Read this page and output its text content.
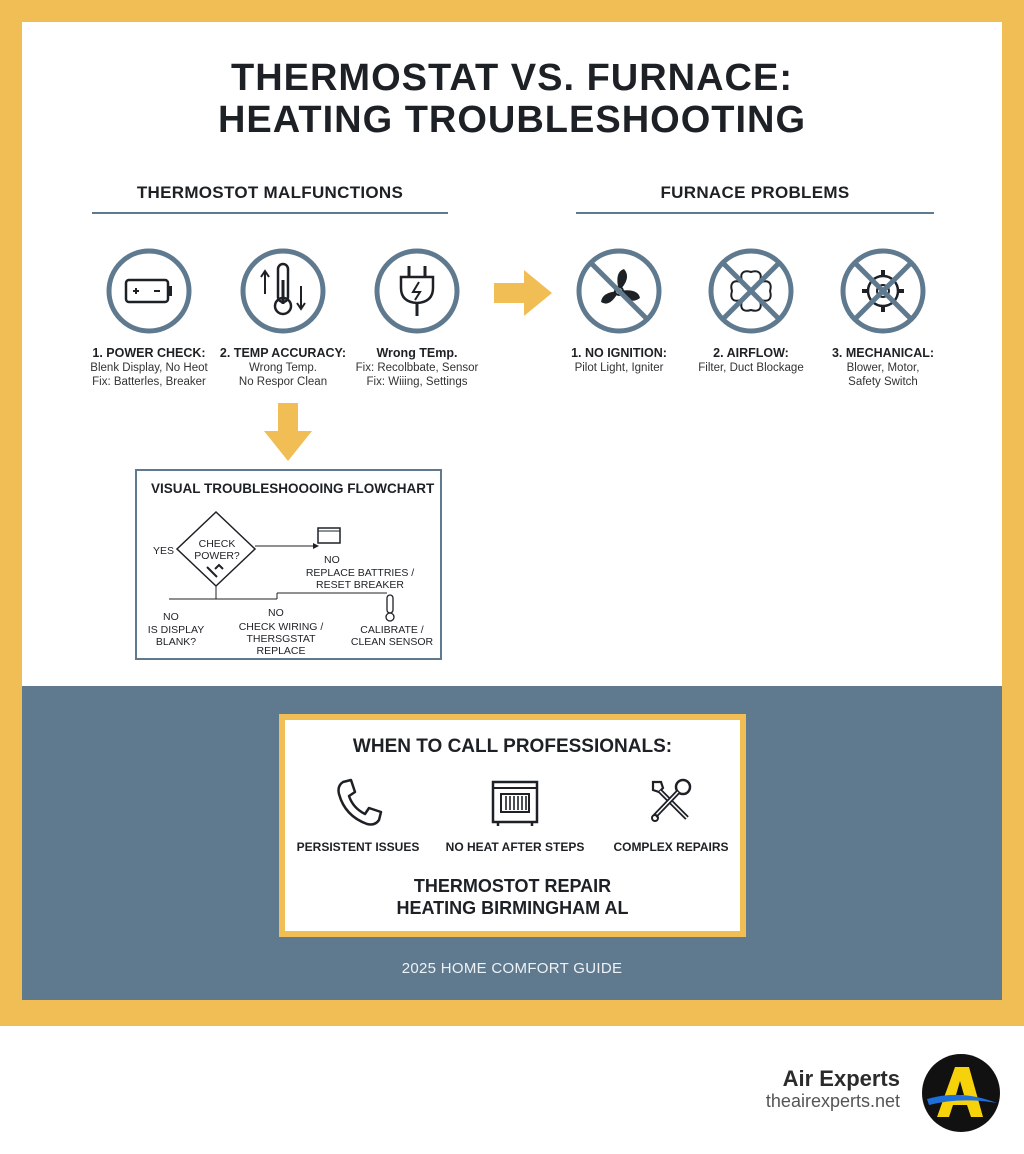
THERMOSTAT VS. FURNACE:
HEATING TROUBLESHOOTING
THERMOSTOT MALFUNCTIONS	FURNACE PROBLEMS
1. POWER CHECK:
Blenk Display, No Heot
Fix: Batterles, Breaker
2. TEMP ACCURACY:
Wrong Temp.
No Respor Clean
Wrong TEmp.
Fix: Recolbbate, Sensor
Fix: Wiiing, Settings
1. NO IGNITION:
Pilot Light, Igniter
2. AIRFLOW:
Filter, Duct Blockage
3. MECHANICAL:
Blower, Motor,
Safety Switch
VISUAL TROUBLESHOOOING FLOWCHART
YES
CHECK
POWER?	NO
REPLACE BATTRIES /
RESET BREAKER
NO
IS DISPLAY
BLANK?
NO
CHECK WIRING /
THERSGSTAT REPLACE
CALIBRATE /
CLEAN SENSOR
WHEN TO CALL PROFESSIONALS:
PERSISTENT ISSUES	NO HEAT AFTER STEPS	COMPLEX REPAIRS
THERMOSTOT REPAIR
HEATING BIRMINGHAM AL
2025 HOME COMFORT GUIDE
Air Experts
theairexperts.net
